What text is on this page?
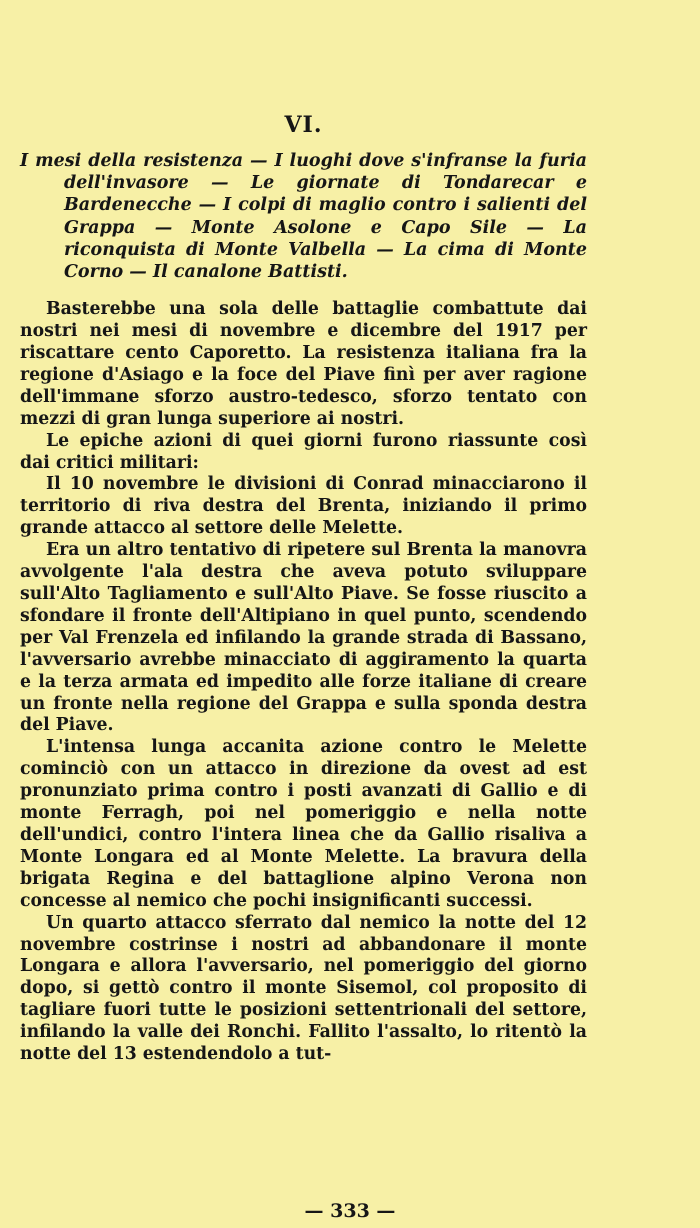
VI.

I mesi della resistenza — I luoghi dove s'infranse la furia dell'invasore — Le giornate di Tondarecar e Bardenecche — I colpi di maglio contro i salienti del Grappa — Monte Asolone e Capo Sile — La riconquista di Monte Valbella — La cima di Monte Corno — Il canalone Battisti.

Basterebbe una sola delle battaglie combattute dai nostri nei mesi di novembre e dicembre del 1917 per riscattare cento Caporetto. La resistenza italiana fra la regione d'Asiago e la foce del Piave finì per aver ragione dell'immane sforzo austro-tedesco, sforzo tentato con mezzi di gran lunga superiore ai nostri.

Le epiche azioni di quei giorni furono riassunte così dai critici militari:

Il 10 novembre le divisioni di Conrad minacciarono il territorio di riva destra del Brenta, iniziando il primo grande attacco al settore delle Melette.

Era un altro tentativo di ripetere sul Brenta la manovra avvolgente l'ala destra che aveva potuto sviluppare sull'Alto Tagliamento e sull'Alto Piave. Se fosse riuscito a sfondare il fronte dell'Altipiano in quel punto, scendendo per Val Frenzela ed infilando la grande strada di Bassano, l'avversario avrebbe minacciato di aggiramento la quarta e la terza armata ed impedito alle forze italiane di creare un fronte nella regione del Grappa e sulla sponda destra del Piave.

L'intensa lunga accanita azione contro le Melette cominciò con un attacco in direzione da ovest ad est pronunziato prima contro i posti avanzati di Gallio e di monte Ferragh, poi nel pomeriggio e nella notte dell'undici, contro l'intera linea che da Gallio risaliva a Monte Longara ed al Monte Melette. La bravura della brigata Regina e del battaglione alpino Verona non concesse al nemico che pochi insignificanti successi.

Un quarto attacco sferrato dal nemico la notte del 12 novembre costrinse i nostri ad abbandonare il monte Longara e allora l'avversario, nel pomeriggio del giorno dopo, si gettò contro il monte Sisemol, col proposito di tagliare fuori tutte le posizioni settentrionali del settore, infilando la valle dei Ronchi. Fallito l'assalto, lo ritentò la notte del 13 estendendolo a tut-

— 333 —
